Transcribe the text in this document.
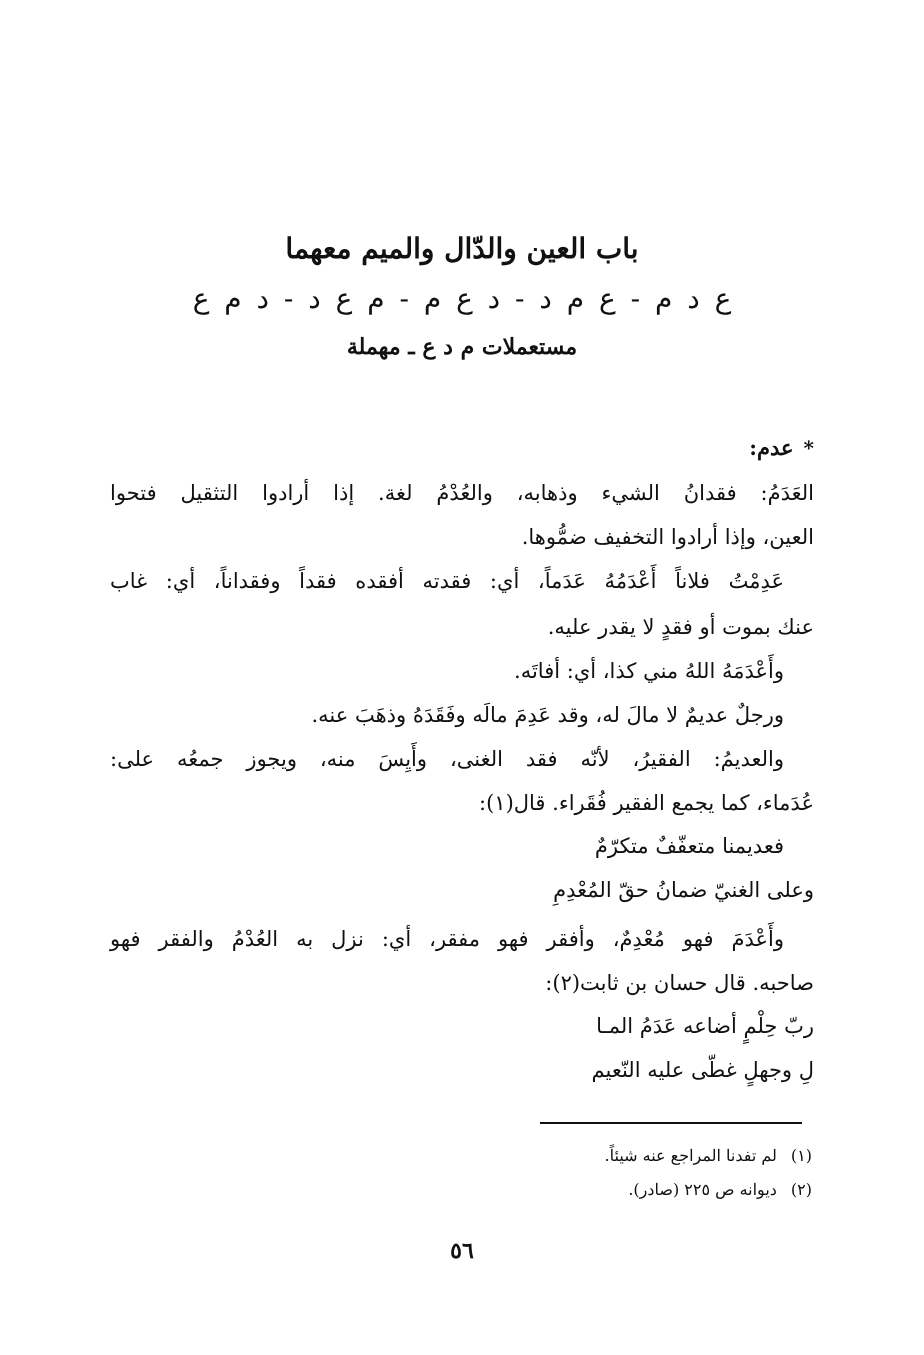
باب العين والدّال والميم معهما
ع د م - ع م د - د ع م - م ع د - د م ع
مستعملات م د ع ـ مهملة
*عدم:
العَدَمُ: فقدانُ الشيء وذهابه، والعُدْمُ لغة. إذا أرادوا التثقيل فتحوا
العين، وإذا أرادوا التخفيف ضمُّوها.
عَدِمْتُ فلاناً أَعْدَمُهُ عَدَماً، أي: فقدته أفقده فقداً وفقداناً، أي: غاب
عنك بموت أو فقدٍ لا يقدر عليه.
وأَعْدَمَهُ اللهُ مني كذا، أي: أفاتَه.
ورجلٌ عديمٌ لا مالَ له، وقد عَدِمَ مالَه وفَقَدَهُ وذهَبَ عنه.
والعديمُ: الفقيرُ، لأنّه فقد الغنى، وأَيِسَ منه، ويجوز جمعُه على:
عُدَماء، كما يجمع الفقير فُقَراء. قال(١):
فعديمنا متعفّفٌ متكرّمٌ
وعلى الغنيّ ضمانُ حقّ المُعْدِمِ
وأَعْدَمَ فهو مُعْدِمٌ، وأفقر فهو مفقر، أي: نزل به العُدْمُ والفقر فهو
صاحبه. قال حسان بن ثابت(٢):
ربّ حِلْمٍ أضاعه عَدَمُ المـا
لِ وجهلٍ غطّى عليه النّعيم
(١)لم تفدنا المراجع عنه شيئاً.
(٢)ديوانه ص ٢٢٥ (صادر).
٥٦
